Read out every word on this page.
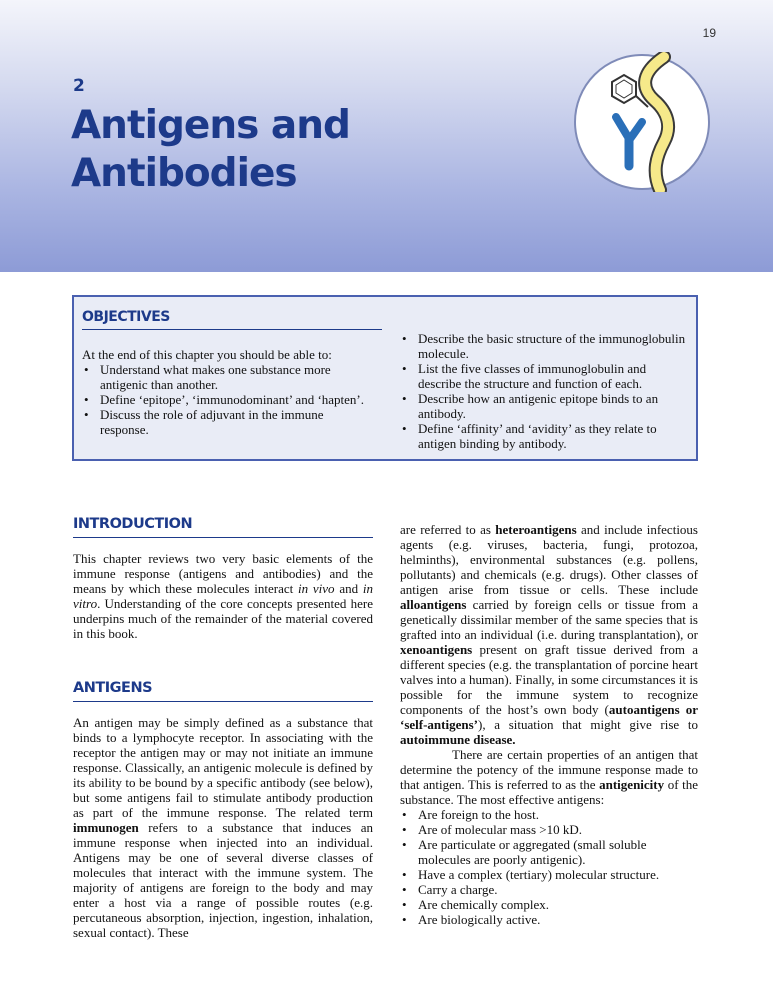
19
2
Antigens and
Antibodies
OBJECTIVES
At the end of this chapter you should be able to:
• Understand what makes one substance more antigenic than another.
• Define ‘epitope’, ‘immunodominant’ and ‘hapten’.
• Discuss the role of adjuvant in the immune response.
• Describe the basic structure of the immunoglobulin molecule.
• List the five classes of immunoglobulin and describe the structure and function of each.
• Describe how an antigenic epitope binds to an antibody.
• Define ‘affinity’ and ‘avidity’ as they relate to antigen binding by antibody.
INTRODUCTION

This chapter reviews two very basic elements of the immune response (antigens and antibodies) and the means by which these molecules interact in vivo and in vitro. Understanding of the core concepts presented here underpins much of the remainder of the material covered in this book.

ANTIGENS

An antigen may be simply defined as a substance that binds to a lymphocyte receptor. In associating with the receptor the antigen may or may not initiate an immune response. Classically, an antigenic molecule is defined by its ability to be bound by a specific antibody (see below), but some antigens fail to stimulate antibody production as part of the immune response. The related term immunogen refers to a substance that induces an immune response when injected into an individual. Antigens may be one of several diverse classes of molecules that interact with the immune system. The majority of antigens are foreign to the body and may enter a host via a range of possible routes (e.g. percutaneous absorption, injection, ingestion, inhalation, sexual contact). These

are referred to as heteroantigens and include infectious agents (e.g. viruses, bacteria, fungi, protozoa, helminths), environmental substances (e.g. pollens, pollutants) and chemicals (e.g. drugs). Other classes of antigen arise from tissue or cells. These include alloantigens carried by foreign cells or tissue from a genetically dissimilar member of the same species that is grafted into an individual (i.e. during transplantation), or xenoantigens present on graft tissue derived from a different species (e.g. the transplantation of porcine heart valves into a human). Finally, in some circumstances it is possible for the immune system to recognize components of the host’s own body (autoantigens or ‘self-antigens’), a situation that might give rise to autoimmune disease.

There are certain properties of an antigen that determine the potency of the immune response made to that antigen. This is referred to as the antigenicity of the substance. The most effective antigens:

• Are foreign to the host.
• Are of molecular mass >10 kD.
• Are particulate or aggregated (small soluble molecules are poorly antigenic).
• Have a complex (tertiary) molecular structure.
• Carry a charge.
• Are chemically complex.
• Are biologically active.
